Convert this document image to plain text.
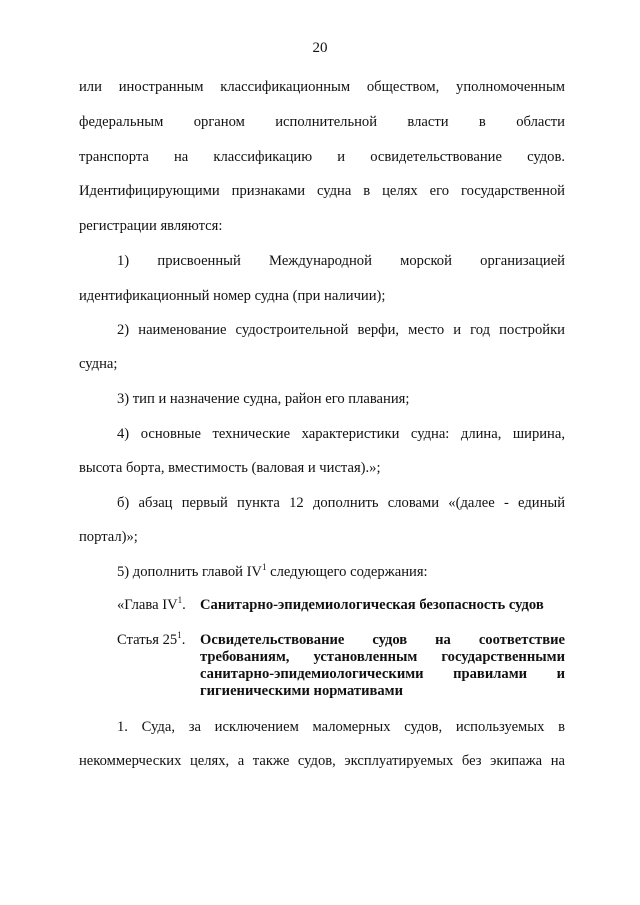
20
или иностранным классификационным обществом, уполномоченным
федеральным органом исполнительной власти в области
транспорта на классификацию и освидетельствование судов.
Идентифицирующими признаками судна в целях его государственной
регистрации являются:
1) присвоенный Международной морской организацией
идентификационный номер судна (при наличии);
2) наименование судостроительной верфи, место и год постройки
судна;
3) тип и назначение судна, район его плавания;
4) основные технические характеристики судна: длина, ширина,
высота борта, вместимость (валовая и чистая).»;
б) абзац первый пункта 12 дополнить словами «(далее - единый
портал)»;
5) дополнить главой $IV^1$ следующего содержания:
«Глава $IV^1$. Санитарно-эпидемиологическая безопасность судов
Статья $25^1$. Освидетельствование судов на соответствие
требованиям, установленным государственными
санитарно-эпидемиологическими правилами и
гигиеническими нормативами
1. Суда, за исключением маломерных судов, используемых в
некоммерческих целях, а также судов, эксплуатируемых без экипажа на
